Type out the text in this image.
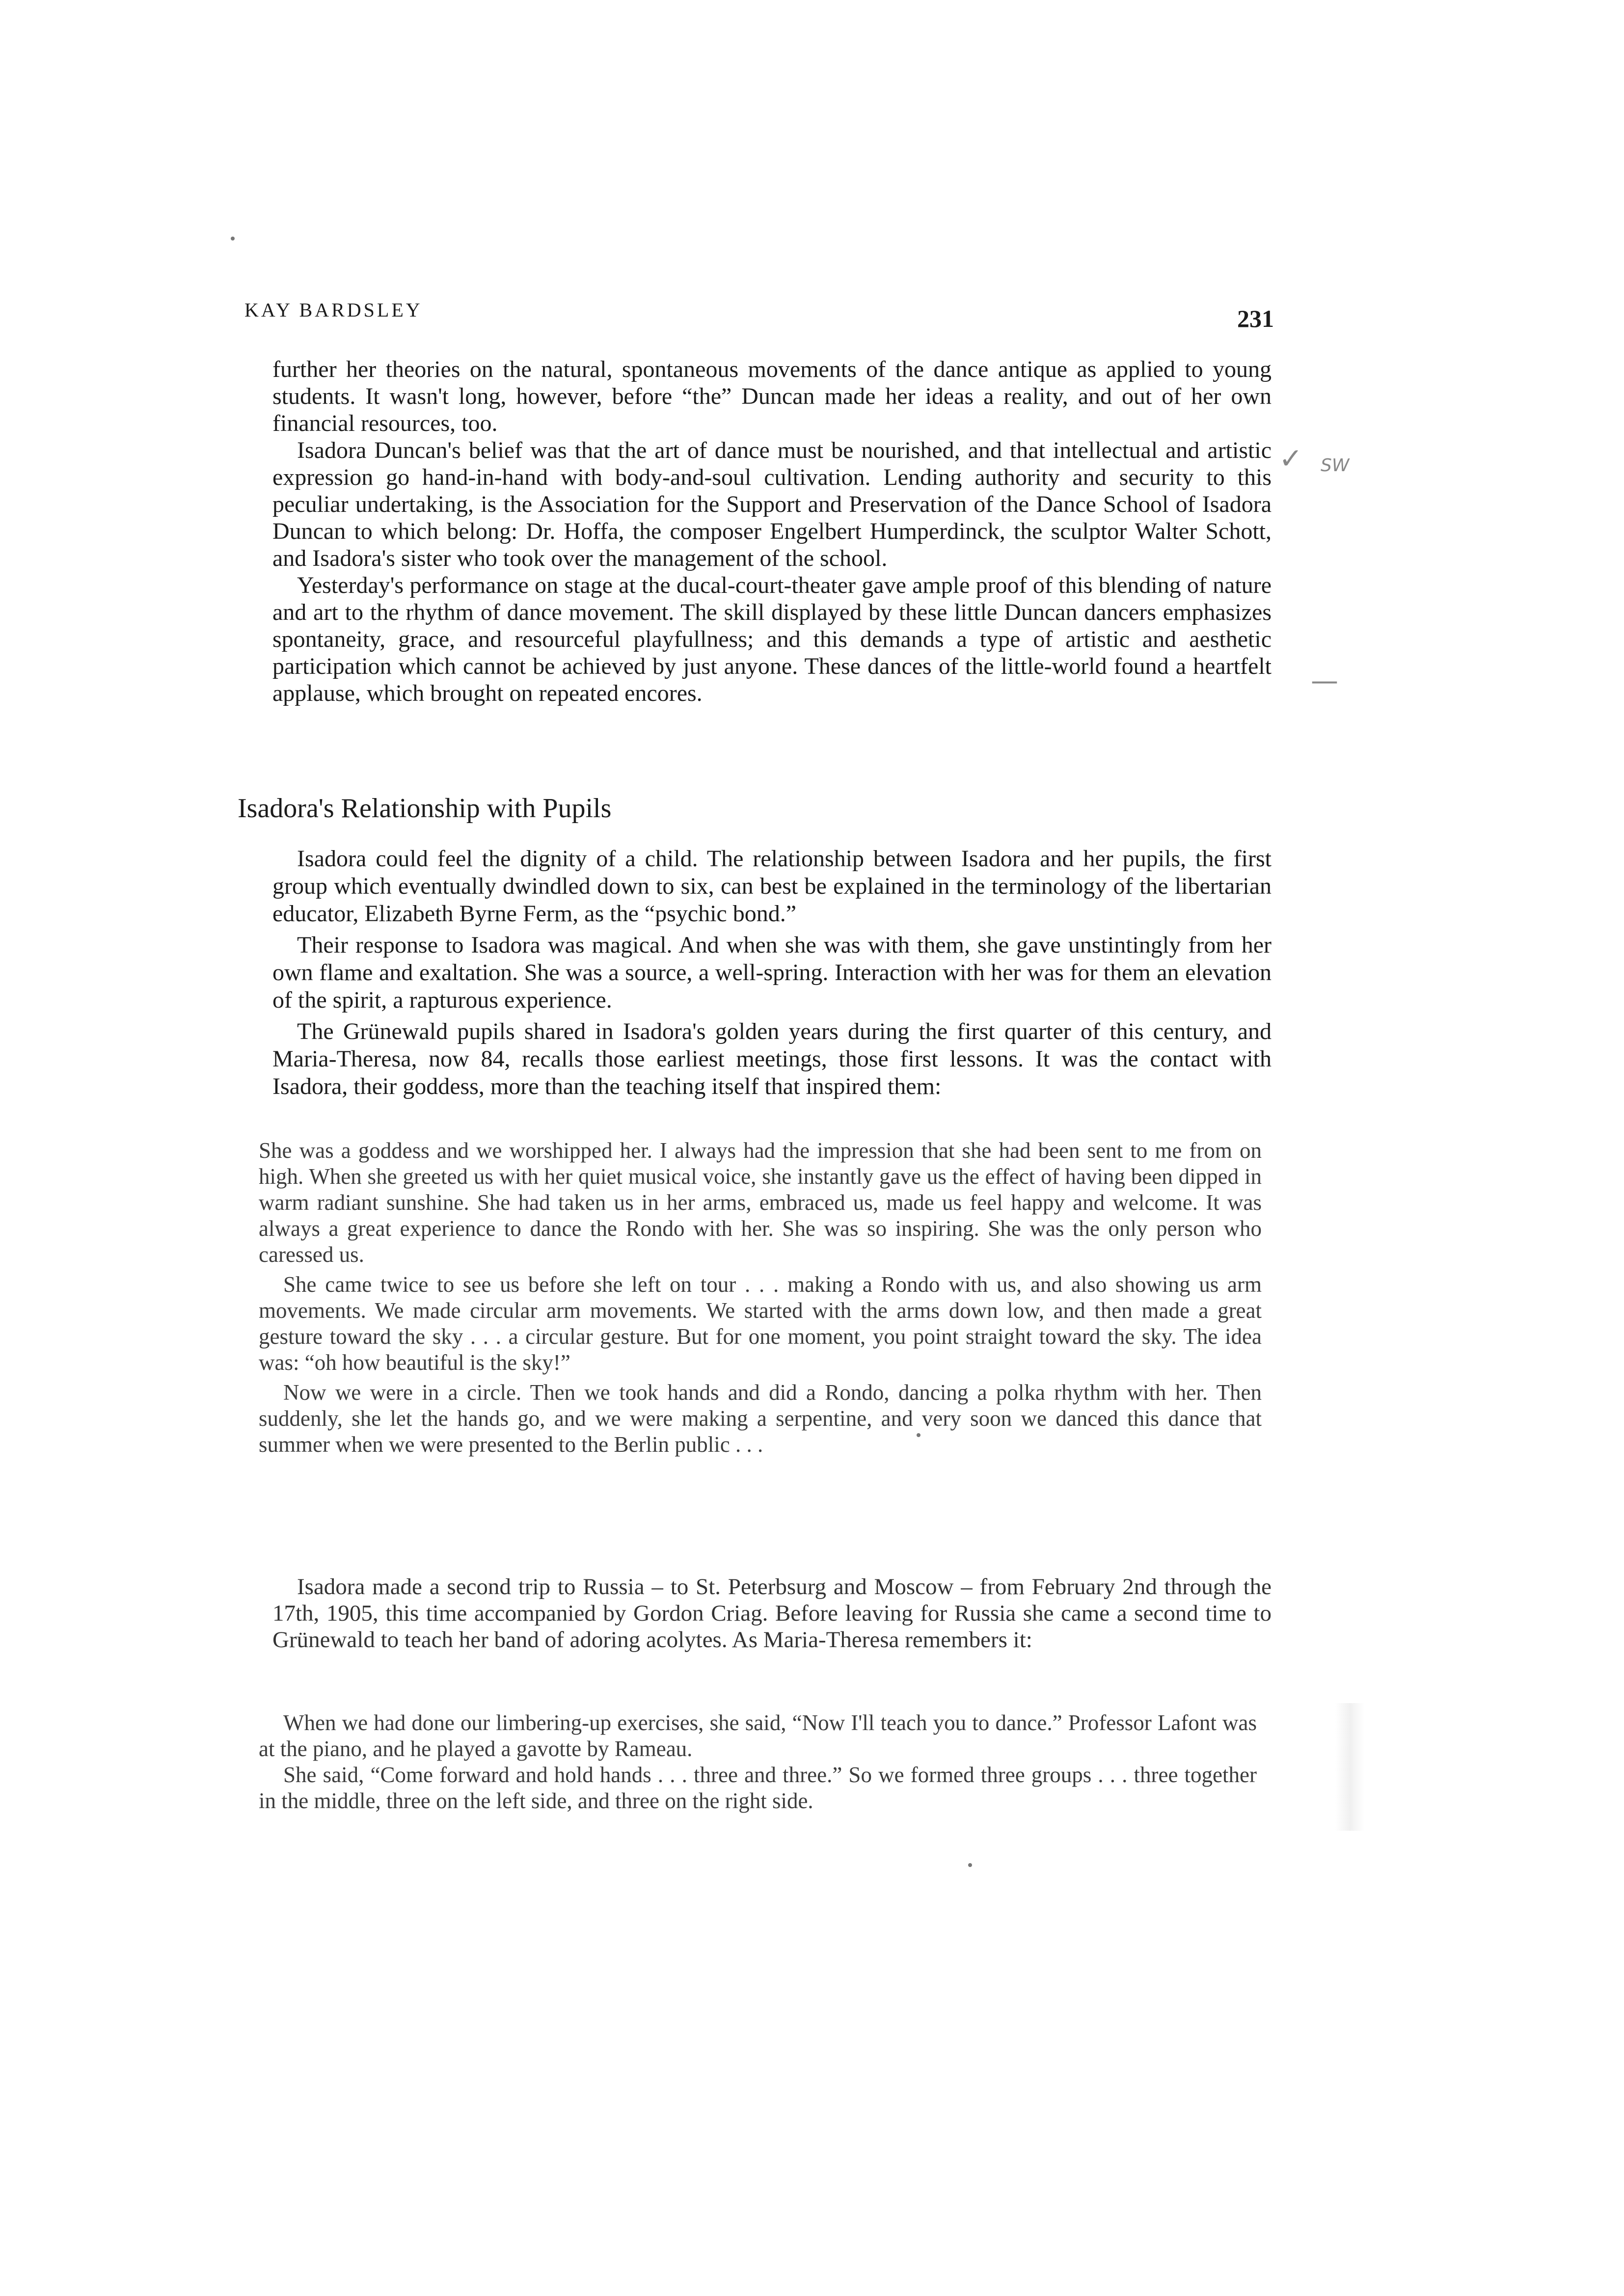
KAY BARDSLEY	231
✓ SW
—

further her theories on the natural, spontaneous movements of the dance antique as applied to young students. It wasn't long, however, before “the” Duncan made her ideas a reality, and out of her own financial resources, too.

Isadora Duncan's belief was that the art of dance must be nourished, and that intellectual and artistic expression go hand-in-hand with body-and-soul cultivation. Lending authority and security to this peculiar undertaking, is the Association for the Support and Preservation of the Dance School of Isadora Duncan to which belong: Dr. Hoffa, the composer Engelbert Humperdinck, the sculptor Walter Schott, and Isadora's sister who took over the management of the school.

Yesterday's performance on stage at the ducal-court-theater gave ample proof of this blending of nature and art to the rhythm of dance movement. The skill displayed by these little Duncan dancers emphasizes spontaneity, grace, and resourceful playfullness; and this demands a type of artistic and aesthetic participation which cannot be achieved by just anyone. These dances of the little-world found a heartfelt applause, which brought on repeated encores.

Isadora's Relationship with Pupils

Isadora could feel the dignity of a child. The relationship between Isadora and her pupils, the first group which eventually dwindled down to six, can best be explained in the terminology of the libertarian educator, Elizabeth Byrne Ferm, as the “psychic bond.”

Their response to Isadora was magical. And when she was with them, she gave unstintingly from her own flame and exaltation. She was a source, a well-spring. Interaction with her was for them an elevation of the spirit, a rapturous experience.

The Grünewald pupils shared in Isadora's golden years during the first quarter of this century, and Maria-Theresa, now 84, recalls those earliest meetings, those first lessons. It was the contact with Isadora, their goddess, more than the teaching itself that inspired them:

She was a goddess and we worshipped her. I always had the impression that she had been sent to me from on high. When she greeted us with her quiet musical voice, she instantly gave us the effect of having been dipped in warm radiant sunshine. She had taken us in her arms, embraced us, made us feel happy and welcome. It was always a great experience to dance the Rondo with her. She was so inspiring. She was the only person who caressed us.

She came twice to see us before she left on tour . . . making a Rondo with us, and also showing us arm movements. We made circular arm movements. We started with the arms down low, and then made a great gesture toward the sky . . . a circular gesture. But for one moment, you point straight toward the sky. The idea was: “oh how beautiful is the sky!”

Now we were in a circle. Then we took hands and did a Rondo, dancing a polka rhythm with her. Then suddenly, she let the hands go, and we were making a serpentine, and very soon we danced this dance that summer when we were presented to the Berlin public . . .

Isadora made a second trip to Russia – to St. Peterbsurg and Moscow – from February 2nd through the 17th, 1905, this time accompanied by Gordon Criag. Before leaving for Russia she came a second time to Grünewald to teach her band of adoring acolytes. As Maria-Theresa remembers it:

When we had done our limbering-up exercises, she said, “Now I'll teach you to dance.” Professor Lafont was at the piano, and he played a gavotte by Rameau.

She said, “Come forward and hold hands . . . three and three.” So we formed three groups . . . three together in the middle, three on the left side, and three on the right side.
